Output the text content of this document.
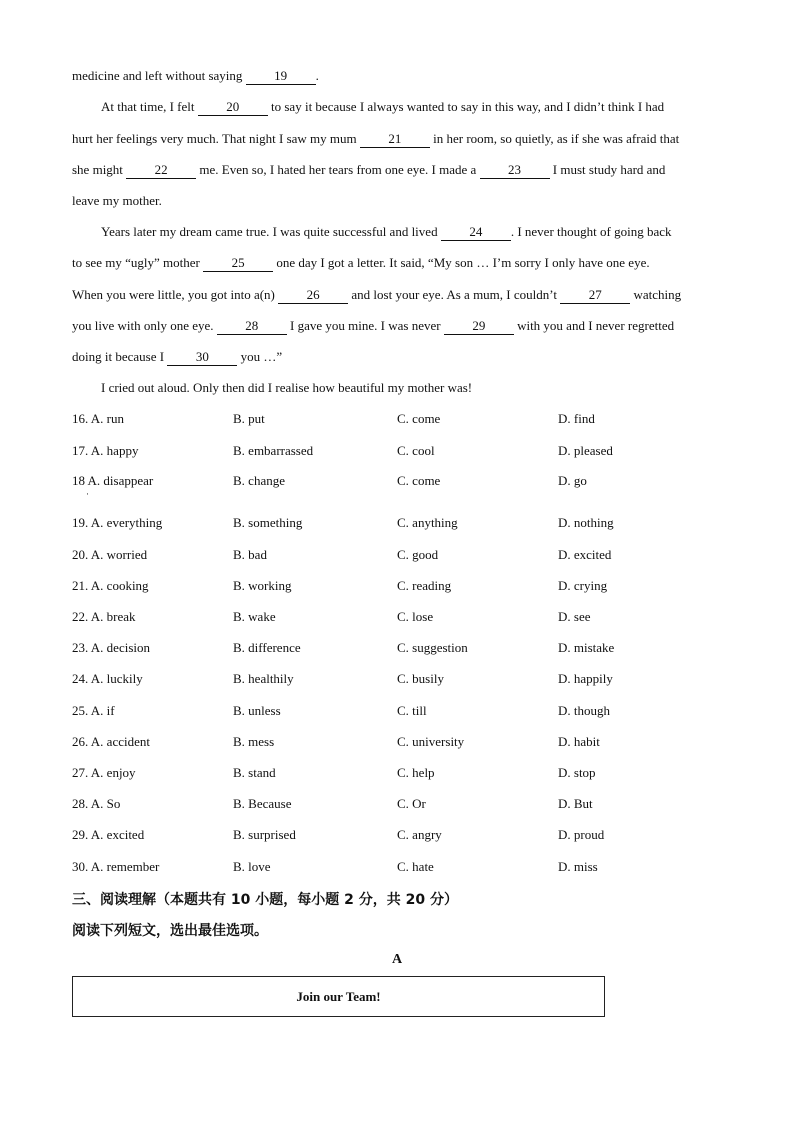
medicine and left without saying 19 .
At that time, I felt 20 to say it because I always wanted to say in this way, and I didn’t think I had
hurt her feelings very much. That night I saw my mum 21 in her room, so quietly, as if she was afraid that
she might 22 me. Even so, I hated her tears from one eye. I made a 23 I must study hard and
leave my mother.
Years later my dream came true. I was quite successful and lived 24 . I never thought of going back
to see my “ugly” mother 25 one day I got a letter. It said, “My son … I’m sorry I only have one eye.
When you were little, you got into a(n) 26 and lost your eye. As a mum, I couldn’t 27 watching
you live with only one eye. 28 I gave you mine. I was never 29 with you and I never regretted
doing it because I 30 you …”
I cried out aloud. Only then did I realise how beautiful my mother was!
16. A. run	B. put	C. come	D. find
17. A. happy	B. embarrassed	C. cool	D. pleased
18 A. disappear	B. change	C. come	D. go
19. A. everything	B. something	C. anything	D. nothing
20. A. worried	B. bad	C. good	D. excited
21. A. cooking	B. working	C. reading	D. crying
22. A. break	B. wake	C. lose	D. see
23. A. decision	B. difference	C. suggestion	D. mistake
24. A. luckily	B. healthily	C. busily	D. happily
25. A. if	B. unless	C. till	D. though
26. A. accident	B. mess	C. university	D. habit
27. A. enjoy	B. stand	C. help	D. stop
28. A. So	B. Because	C. Or	D. But
29. A. excited	B. surprised	C. angry	D. proud
30. A. remember	B. love	C. hate	D. miss
·
三、阅读理解（本题共有 10 小题，每小题 2 分，共 20 分）
阅读下列短文，选出最佳选项。
A
Join our Team!
